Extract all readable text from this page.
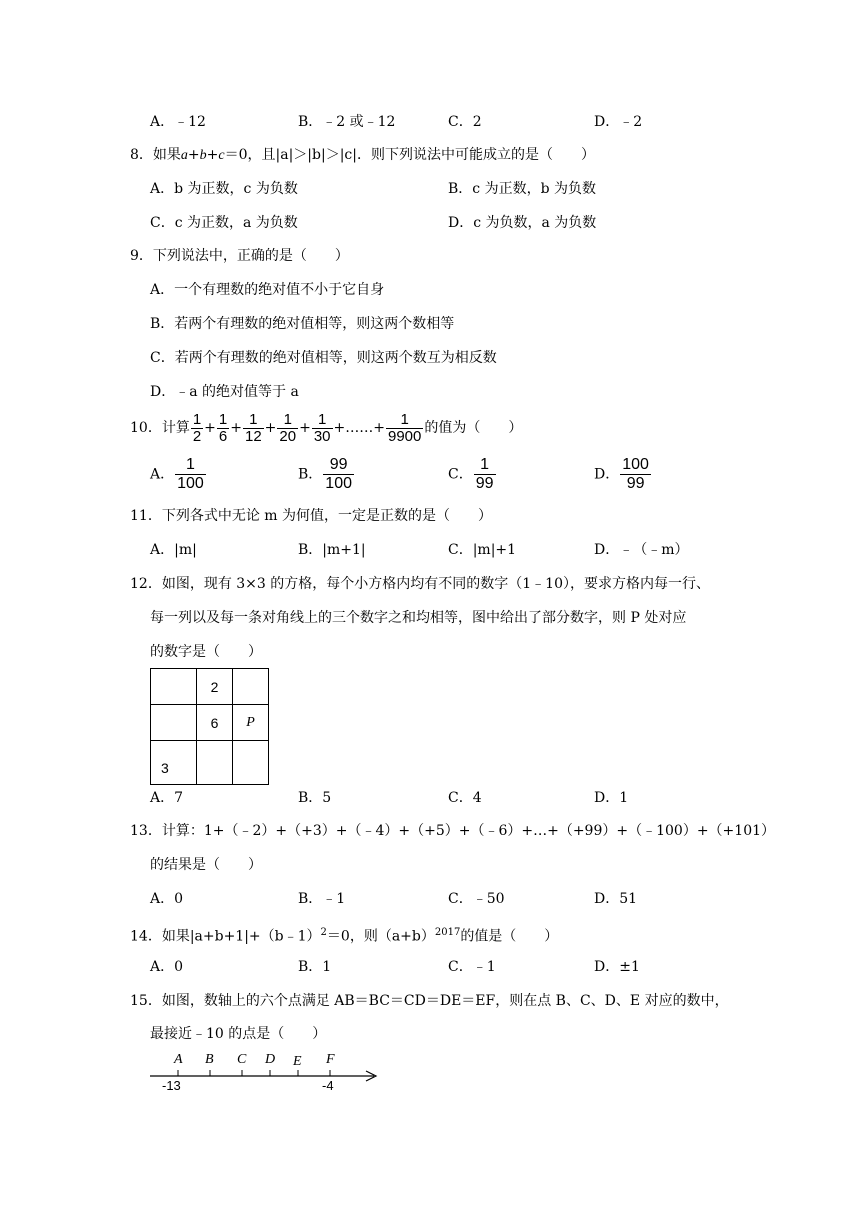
A．﹣12	B．﹣2 或﹣12	C．2	D．﹣2
8．如果a+b+c＝0，且|a|＞|b|＞|c|．则下列说法中可能成立的是（　　）
A．b 为正数，c 为负数	B．c 为正数，b 为负数
C．c 为正数，a 为负数	D．c 为负数，a 为负数
9．下列说法中，正确的是（　　）
A．一个有理数的绝对值不小于它自身
B．若两个有理数的绝对值相等，则这两个数相等
C．若两个有理数的绝对值相等，则这两个数互为相反数
D．﹣a 的绝对值等于 a
10．计算 $\frac{1}{2} + \frac{1}{6} + \frac{1}{12} + \frac{1}{20} + \frac{1}{30}$ +……+ $\frac{1}{9900}$ 的值为（　　）
A． $\frac{1}{100}$	B． $\frac{99}{100}$	C． $\frac{1}{99}$	D． $\frac{100}{99}$
11．下列各式中无论 m 为何值，一定是正数的是（　　）
A．|m|	B．|m+1|	C．|m|+1	D．﹣（﹣m）
12．如图，现有 3×3 的方格，每个小方格内均有不同的数字（1﹣10），要求方格内每一行、
每一列以及每一条对角线上的三个数字之和均相等，图中给出了部分数字，则 P 处对应
的数字是（　　）
	2	
	6	P
3		
A．7	B．5	C．4	D．1
13．计算：1+（﹣2）+（+3）+（﹣4）+（+5）+（﹣6）+…+（+99）+（﹣100）+（+101）
的结果是（　　）
A．0	B．﹣1	C．﹣50	D．51
14．如果|a+b+1|+（b﹣1）$^2$＝0，则$(a+b)^{2017}$的值是（　　）
A．0	B．1	C．﹣1	D．±1
15．如图，数轴上的六个点满足 AB＝BC＝CD＝DE＝EF，则在点 B、C、D、E 对应的数中，
最接近﹣10 的点是（　　）
A B C D E F
-13	-4
